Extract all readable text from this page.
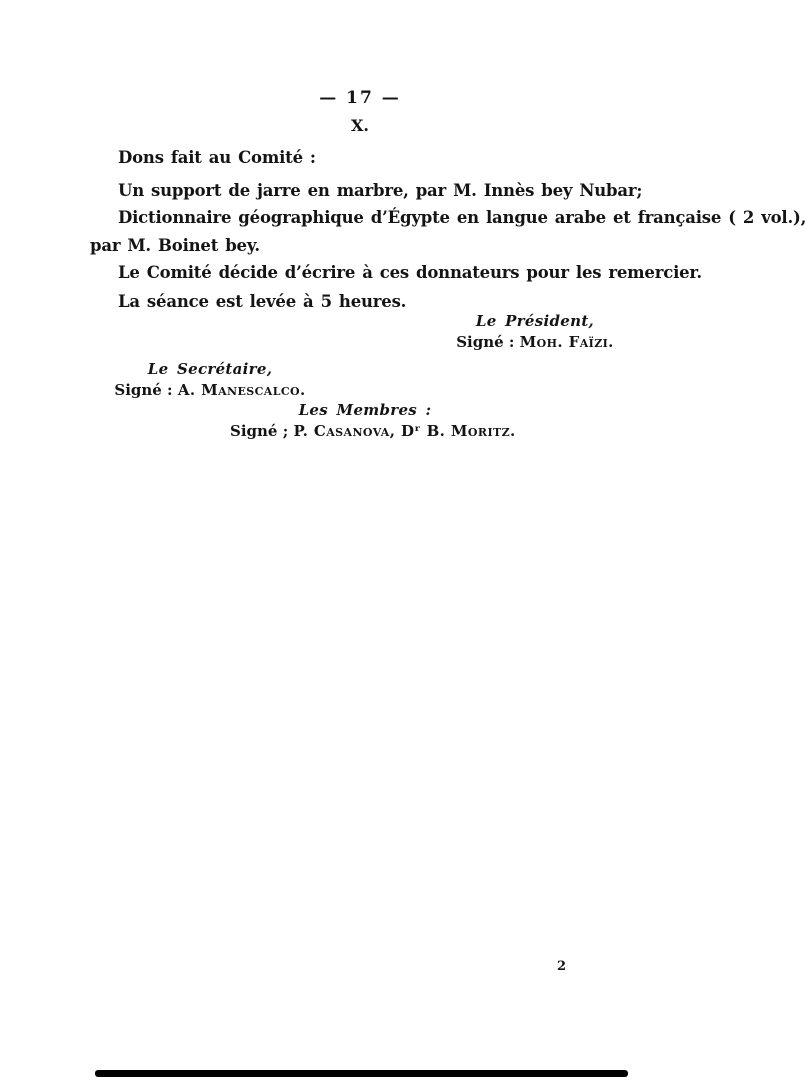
— 17 —
X.
Dons fait au Comité :
Un support de jarre en marbre, par M. Innès bey Nubar;
Dictionnaire géographique d’Égypte en langue arabe et française ( 2 vol.),
par M. Boinet bey.
Le Comité décide d’écrire à ces donnateurs pour les remercier.
La séance est levée à 5 heures.
Le Président,
Signé : Moh. Faïzi.
Le Secrétaire,
Signé : A. Manescalco.
Les Membres :
Signé ; P. Casanova, Dʳ B. Moritz.
2
